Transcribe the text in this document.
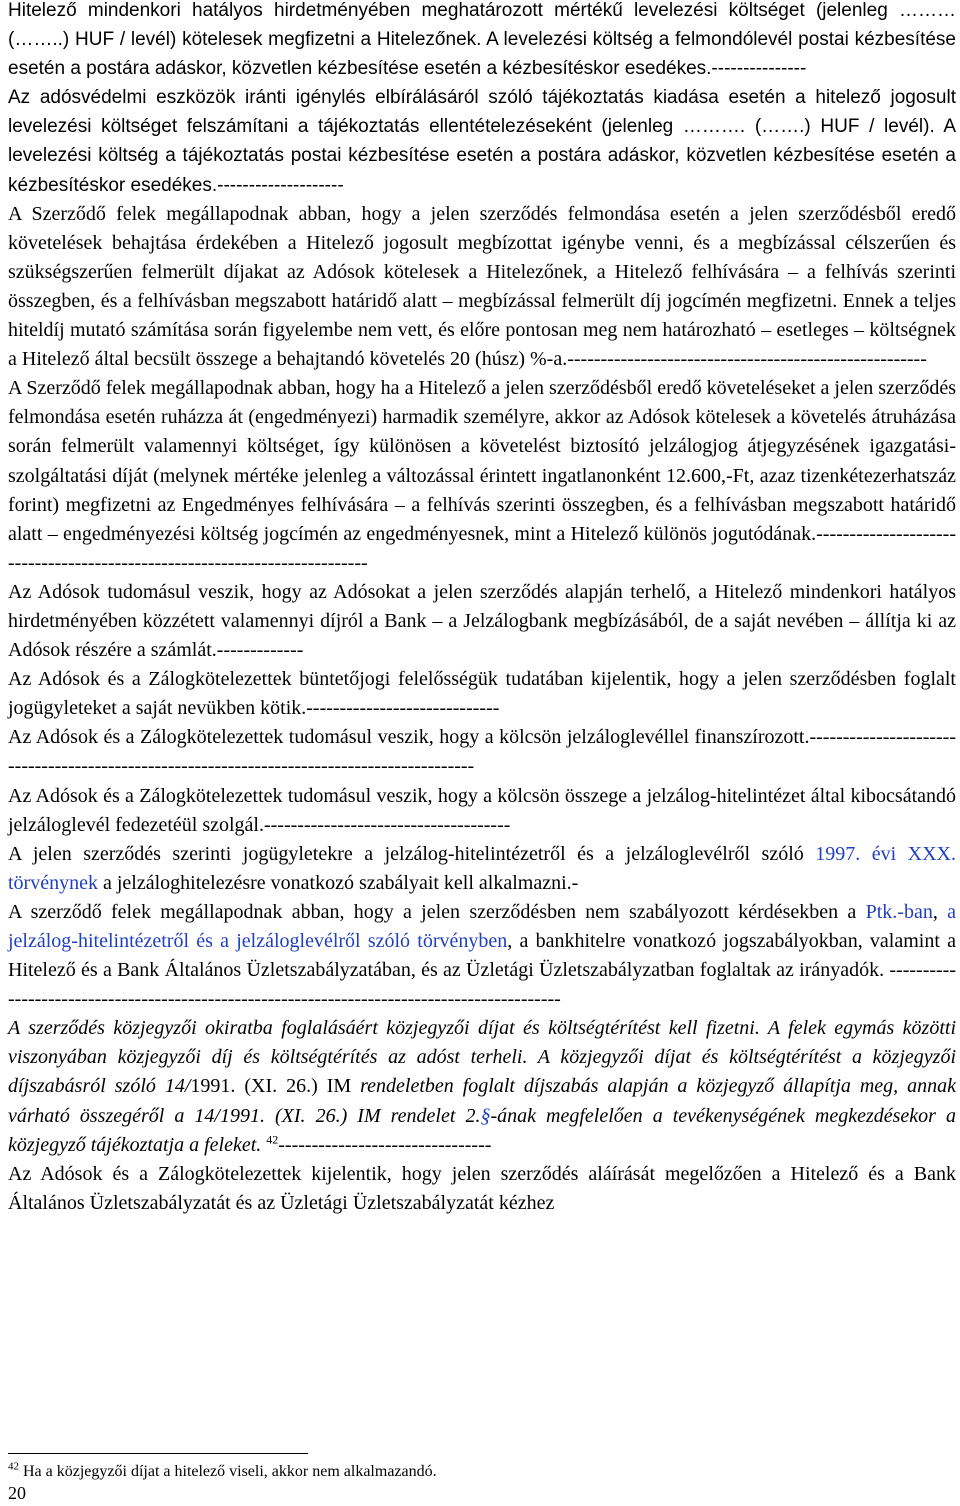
Hitelező mindenkori hatályos hirdetményében meghatározott mértékű levelezési költséget (jelenleg ……… (……..) HUF / levél) kötelesek megfizetni a Hitelezőnek. A levelezési költség a felmondólevél postai kézbesítése esetén a postára adáskor, közvetlen kézbesítése esetén a kézbesítéskor esedékes.---------------

Az adósvédelmi eszközök iránti igénylés elbírálásáról szóló tájékoztatás kiadása esetén a hitelező jogosult levelezési költséget felszámítani a tájékoztatás ellentételezéseként (jelenleg ………. (…….) HUF / levél). A levelezési költség a tájékoztatás postai kézbesítése esetén a postára adáskor, közvetlen kézbesítése esetén a kézbesítéskor esedékes.--------------------

A Szerződő felek megállapodnak abban, hogy a jelen szerződés felmondása esetén a jelen szerződésből eredő követelések behajtása érdekében a Hitelező jogosult megbízottat igénybe venni, és a megbízással célszerűen és szükségszerűen felmerült díjakat az Adósok kötelesek a Hitelezőnek, a Hitelező felhívására – a felhívás szerinti összegben, és a felhívásban megszabott határidő alatt – megbízással felmerült díj jogcímén megfizetni. Ennek a teljes hiteldíj mutató számítása során figyelembe nem vett, és előre pontosan meg nem határozható – esetleges – költségnek a Hitelező által becsült összege a behajtandó követelés 20 (húsz) %-a.------------------------------------------------------

A Szerződő felek megállapodnak abban, hogy ha a Hitelező a jelen szerződésből eredő követeléseket a jelen szerződés felmondása esetén ruházza át (engedményezi) harmadik személyre, akkor az Adósok kötelesek a követelés átruházása során felmerült valamennyi költséget, így különösen a követelést biztosító jelzálogjog átjegyzésének igazgatási-szolgáltatási díját (melynek mértéke jelenleg a változással érintett ingatlanonként 12.600,-Ft, azaz tizenkétezerhatszáz forint) megfizetni az Engedményes felhívására – a felhívás szerinti összegben, és a felhívásban megszabott határidő alatt – engedményezési költség jogcímén az engedményesnek, mint a Hitelező különös jogutódának.---------------------------------------------------------------------------

Az Adósok tudomásul veszik, hogy az Adósokat a jelen szerződés alapján terhelő, a Hitelező mindenkori hatályos hirdetményében közzétett valamennyi díjról a Bank – a Jelzálogbank megbízásából, de a saját nevében – állítja ki az Adósok részére a számlát.-------------

Az Adósok és a Zálogkötelezettek büntetőjogi felelősségük tudatában kijelentik, hogy a jelen szerződésben foglalt jogügyleteket a saját nevükben kötik.-----------------------------

Az Adósok és a Zálogkötelezettek tudomásul veszik, hogy a kölcsön jelzáloglevéllel finanszírozott.--------------------------------------------------------------------------------------------

Az Adósok és a Zálogkötelezettek tudomásul veszik, hogy a kölcsön összege a jelzálog-hitelintézet által kibocsátandó jelzáloglevél fedezetéül szolgál.-------------------------------------

A jelen szerződés szerinti jogügyletekre a jelzálog-hitelintézetről és a jelzáloglevélről szóló 1997. évi XXX. törvénynek a jelzáloghitelezésre vonatkozó szabályait kell alkalmazni.-

A szerződő felek megállapodnak abban, hogy a jelen szerződésben nem szabályozott kérdésekben a Ptk.-ban, a jelzálog-hitelintézetről és a jelzáloglevélről szóló törvényben, a bankhitelre vonatkozó jogszabályokban, valamint a Hitelező és a Bank Általános Üzletszabályzatában, és az Üzletági Üzletszabályzatban foglaltak az irányadók. ---------------------------------------------------------------------------------------------

A szerződés közjegyzői okiratba foglalásáért közjegyzői díjat és költségtérítést kell fizetni. A felek egymás közötti viszonyában közjegyzői díj és költségtérítés az adóst terheli. A közjegyzői díjat és költségtérítést a közjegyzői díjszabásról szóló 14/1991. (XI. 26.) IM rendeletben foglalt díjszabás alapján a közjegyző állapítja meg, annak várható összegéről a 14/1991. (XI. 26.) IM rendelet 2.§-ának megfelelően a tevékenységének megkezdésekor a közjegyző tájékoztatja a feleket. $^{42}$--------------------------------

Az Adósok és a Zálogkötelezettek kijelentik, hogy jelen szerződés aláírását megelőzően a Hitelező és a Bank Általános Üzletszabályzatát és az Üzletági Üzletszabályzatát kézhez

$^{42}$ Ha a közjegyzői díjat a hitelező viseli, akkor nem alkalmazandó.
20
